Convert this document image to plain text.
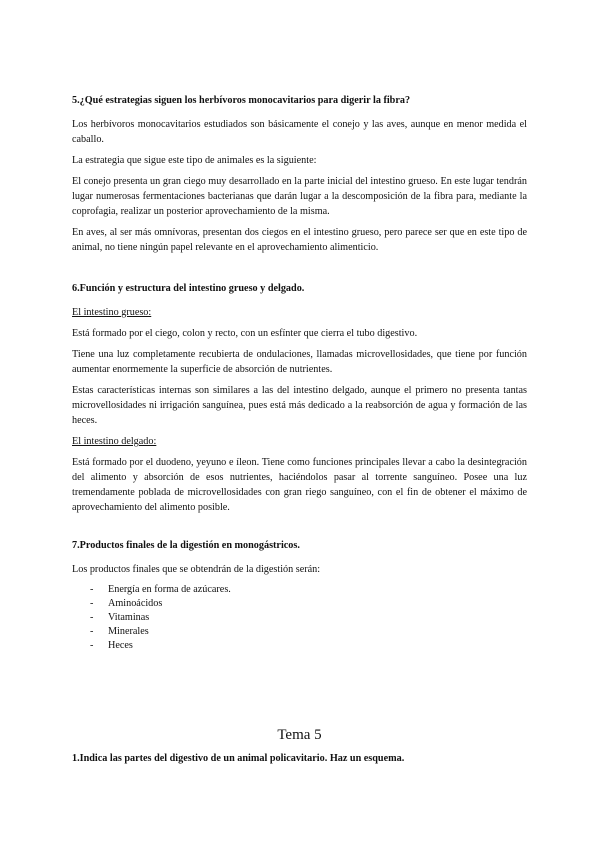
5.¿Qué estrategias siguen los herbívoros monocavitarios para digerir la fibra?

Los herbívoros monocavitarios estudiados son básicamente el conejo y las aves, aunque en menor medida el caballo.

La estrategia que sigue este tipo de animales es la siguiente:

El conejo presenta un gran ciego muy desarrollado en la parte inicial del intestino grueso. En este lugar tendrán lugar numerosas fermentaciones bacterianas que darán lugar a la descomposición de la fibra para, mediante la coprofagia, realizar un posterior aprovechamiento de la misma.

En aves, al ser más omnívoras, presentan dos ciegos en el intestino grueso, pero parece ser que en este tipo de animal, no tiene ningún papel relevante en el aprovechamiento alimenticio.

6.Función y estructura del intestino grueso y delgado.
El intestino grueso:

Está formado por el ciego, colon y recto, con un esfínter que cierra el tubo digestivo.

Tiene una luz completamente recubierta de ondulaciones, llamadas microvellosidades, que tiene por función aumentar enormemente la superficie de absorción de nutrientes.

Estas características internas son similares a las del intestino delgado, aunque el primero no presenta tantas microvellosidades ni irrigación sanguínea, pues está más dedicado a la reabsorción de agua y formación de las heces.

El intestino delgado:

Está formado por el duodeno, yeyuno e íleon. Tiene como funciones principales llevar a cabo la desintegración del alimento y absorción de esos nutrientes, haciéndolos pasar al torrente sanguíneo. Posee una luz tremendamente poblada de microvellosidades con gran riego sanguíneo, con el fin de obtener el máximo de aprovechamiento del alimento posible.

7.Productos finales de la digestión en monogástricos.

Los productos finales que se obtendrán de la digestión serán:

- Energía en forma de azúcares.
- Aminoácidos
- Vitaminas
- Minerales
- Heces
Tema 5
1.Indica las partes del digestivo de un animal policavitario. Haz un esquema.
